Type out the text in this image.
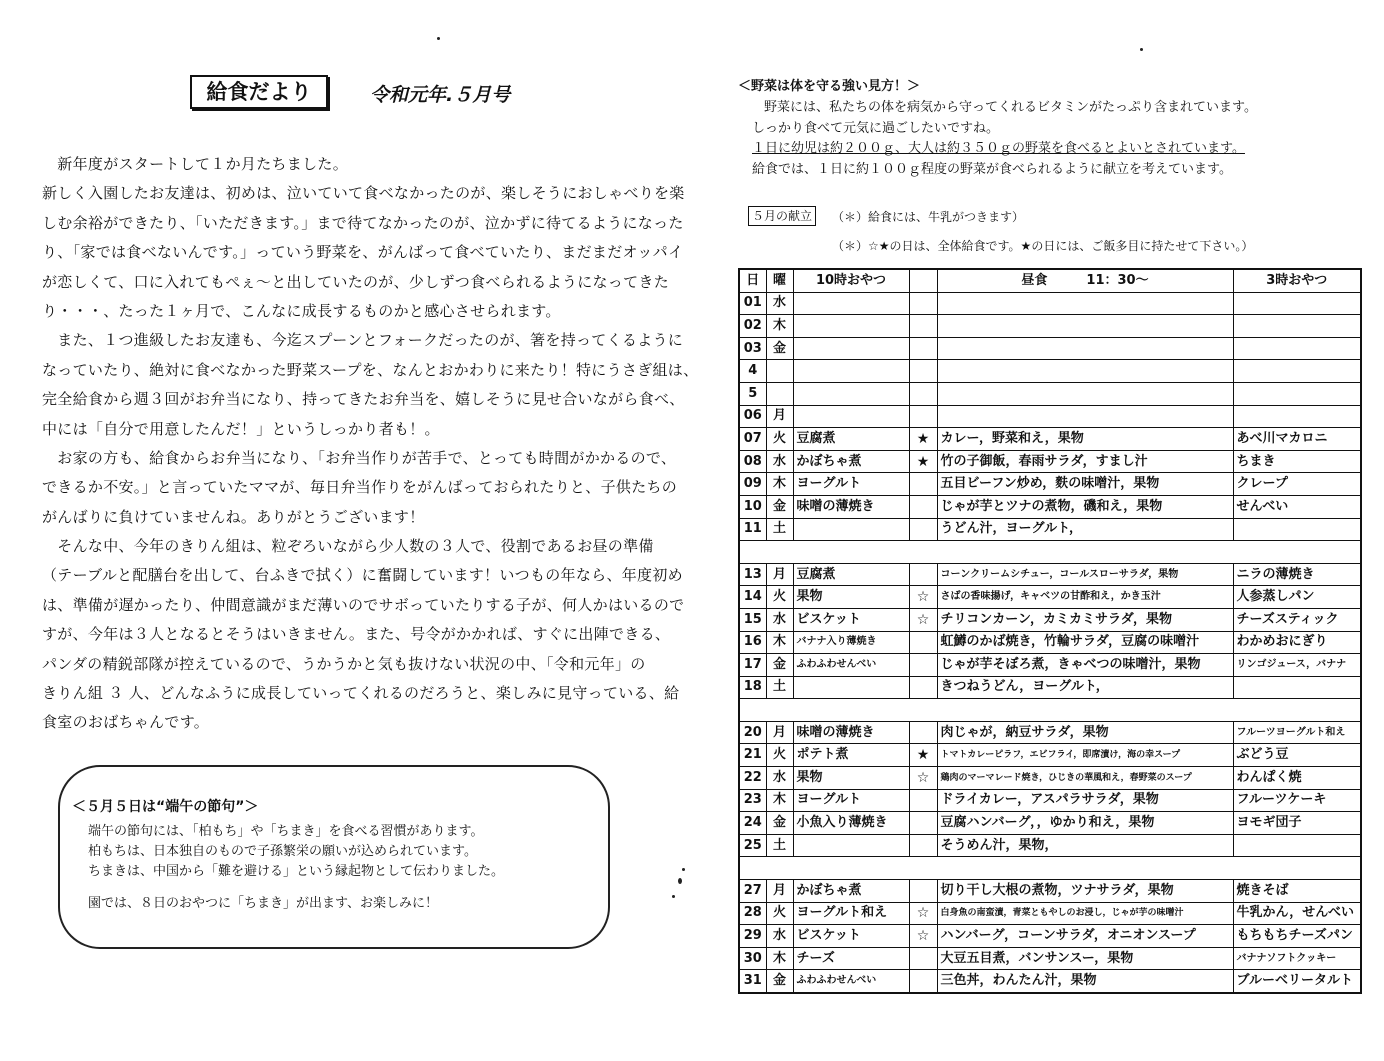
給食だより	令和元年.５月号
　新年度がスタートして１か月たちました。
新しく入園したお友達は、初めは、泣いていて食べなかったのが、楽しそうにおしゃべりを楽
しむ余裕ができたり、「いただきます。」まで待てなかったのが、泣かずに待てるようになった
り、「家では食べないんです。」っていう野菜を、がんばって食べていたり、まだまだオッパイ
が恋しくて、口に入れてもぺぇ～と出していたのが、少しずつ食べられるようになってきた
り・・・、たった１ヶ月で、こんなに成長するものかと感心させられます。
　また、１つ進級したお友達も、今迄スプーンとフォークだったのが、箸を持ってくるように
なっていたり、絶対に食べなかった野菜スープを、なんとおかわりに来たり！特にうさぎ組は、
完全給食から週３回がお弁当になり、持ってきたお弁当を、嬉しそうに見せ合いながら食べ、
中には「自分で用意したんだ！」というしっかり者も！。
　お家の方も、給食からお弁当になり、「お弁当作りが苦手で、とっても時間がかかるので、
できるか不安。」と言っていたママが、毎日弁当作りをがんばっておられたりと、子供たちの
がんばりに負けていませんね。ありがとうございます！
　そんな中、今年のきりん組は、粒ぞろいながら少人数の３人で、役割であるお昼の準備
（テーブルと配膳台を出して、台ふきで拭く）に奮闘しています！いつもの年なら、年度初め
は、準備が遅かったり、仲間意識がまだ薄いのでサボっていたりする子が、何人かはいるので
すが、今年は３人となるとそうはいきません。また、号令がかかれば、すぐに出陣できる、
パンダの精鋭部隊が控えているので、うかうかと気も抜けない状況の中、「令和元年」の
きりん組 ３ 人、どんなふうに成長していってくれるのだろうと、楽しみに見守っている、給
食室のおばちゃんです。
＜５月５日は“端午の節句”＞
端午の節句には、「柏もち」や「ちまき」を食べる習慣があります。
柏もちは、日本独自のもので子孫繁栄の願いが込められています。
ちまきは、中国から「難を避ける」という縁起物として伝わりました。
園では、８日のおやつに「ちまき」が出ます、お楽しみに！
＜野菜は体を守る強い見方！＞
野菜には、私たちの体を病気から守ってくれるビタミンがたっぷり含まれています。
しっかり食べて元気に過ごしたいですね。
１日に幼児は約２００ｇ、大人は約３５０ｇの野菜を食べるとよいとされています。
給食では、１日に約１００ｇ程度の野菜が食べられるように献立を考えています。
５月の献立	（＊）給食には、牛乳がつきます）
（＊）☆★の日は、全体給食です。★の日には、ご飯多目に持たせて下さい。）
日	曜	10時おやつ		昼食　　　11：30～	3時おやつ
01	水				
02	木				
03	金				
4					
5					
06	月				
07	火	豆腐煮	★	カレー，野菜和え，果物	あべ川マカロニ
08	水	かぼちゃ煮	★	竹の子御飯，春雨サラダ，すまし汁	ちまき
09	木	ヨーグルト		五目ビーフン炒め，麩の味噌汁，果物	クレープ
10	金	味噌の薄焼き		じゃが芋とツナの煮物，磯和え，果物	せんべい
11	土			うどん汁，ヨーグルト，	

13	月	豆腐煮		コーンクリームシチュー，コールスローサラダ，果物	ニラの薄焼き
14	火	果物	☆	さばの香味揚げ，キャベツの甘酢和え，かき玉汁	人参蒸しパン
15	水	ビスケット	☆	チリコンカーン，カミカミサラダ，果物	チーズスティック
16	木	バナナ入り薄焼き		虹鱒のかば焼き，竹輪サラダ，豆腐の味噌汁	わかめおにぎり
17	金	ふわふわせんべい		じゃが芋そぼろ煮，きゃべつの味噌汁，果物	リンゴジュース，バナナ
18	土			きつねうどん，ヨーグルト，	

20	月	味噌の薄焼き		肉じゃが，納豆サラダ，果物	フルーツヨーグルト和え
21	火	ポテト煮	★	トマトカレーピラフ，エビフライ，即席漬け，海の幸スープ	ぶどう豆
22	水	果物	☆	鶏肉のマーマレード焼き，ひじきの華風和え，春野菜のスープ	わんぱく焼
23	木	ヨーグルト		ドライカレー，アスパラサラダ，果物	フルーツケーキ
24	金	小魚入り薄焼き		豆腐ハンバーグ，，ゆかり和え，果物	ヨモギ団子
25	土			そうめん汁，果物，	

27	月	かぼちゃ煮		切り干し大根の煮物，ツナサラダ，果物	焼きそば
28	火	ヨーグルト和え	☆	白身魚の南蛮漬，青菜ともやしのお浸し，じゃが芋の味噌汁	牛乳かん，せんべい
29	水	ビスケット	☆	ハンバーグ，コーンサラダ，オニオンスープ	もちもちチーズパン
30	木	チーズ		大豆五目煮，バンサンスー，果物	バナナソフトクッキー
31	金	ふわふわせんべい		三色丼，わんたん汁，果物	ブルーベリータルト
